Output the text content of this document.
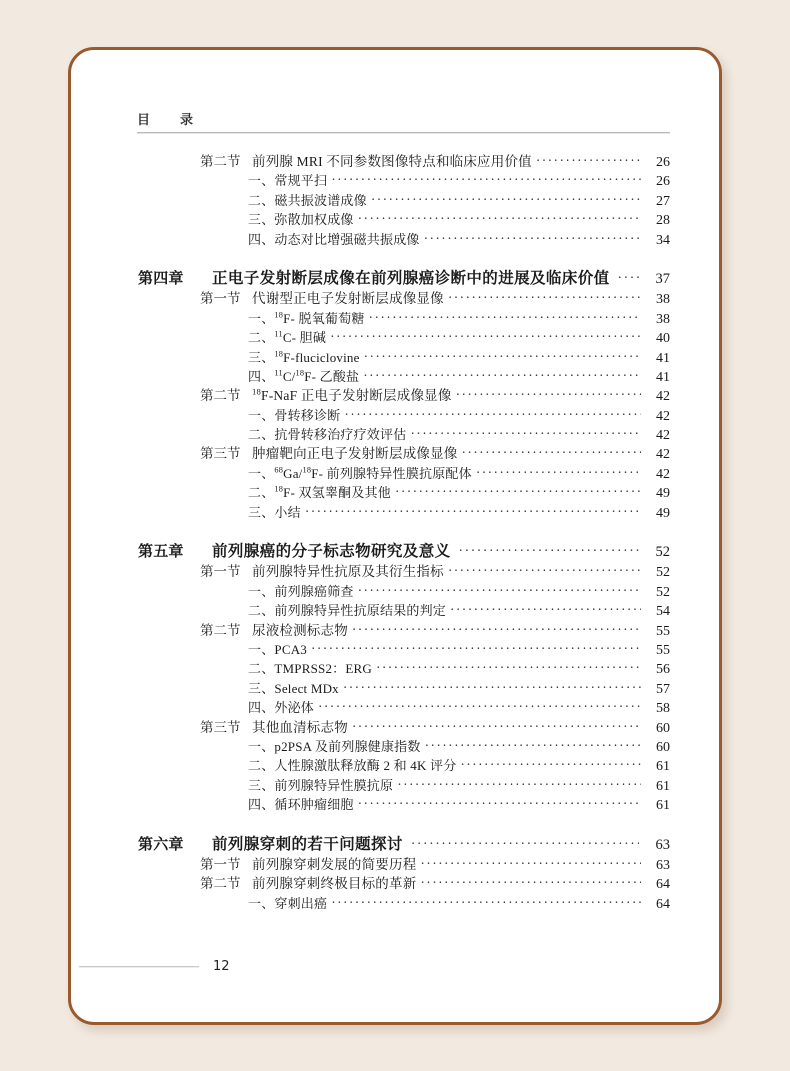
目  录
第二节 前列腺 MRI 不同参数图像特点和临床应用价值 ·····	26
一、常规平扫 ·····	26
二、磁共振波谱成像 ·····	27
三、弥散加权成像 ·····	28
四、动态对比增强磁共振成像 ·····	34
第四章	正电子发射断层成像在前列腺癌诊断中的进展及临床价值 ·····	37
第一节 代谢型正电子发射断层成像显像 ·····	38
一、$^{18}$F- 脱氧葡萄糖 ·····	38
二、$^{11}$C- 胆碱 ·····	40
三、$^{18}$F-fluciclovine ·····	41
四、$^{11}$C/$^{18}$F- 乙酸盐 ·····	41
第二节	$^{18}$F-NaF 正电子发射断层成像显像 ·····	42
一、骨转移诊断 ·····	42
二、抗骨转移治疗疗效评估 ·····	42
第三节 肿瘤靶向正电子发射断层成像显像 ·····	42
一、$^{68}$Ga/$^{18}$F- 前列腺特异性膜抗原配体 ·····	42
二、$^{18}$F- 双氢睾酮及其他 ·····	49
三、小结 ·····	49
第五章	前列腺癌的分子标志物研究及意义 ·····	52
第一节 前列腺特异性抗原及其衍生指标 ·····	52
一、前列腺癌筛查 ·····	52
二、前列腺特异性抗原结果的判定 ·····	54
第二节 尿液检测标志物 ·····	55
一、PCA3 ·····	55
二、TMPRSS2：ERG ·····	56
三、Select MDx ·····	57
四、外泌体 ·····	58
第三节 其他血清标志物 ·····	60
一、p2PSA 及前列腺健康指数 ·····	60
二、人性腺激肽释放酶 2 和 4K 评分 ·····	61
三、前列腺特异性膜抗原 ·····	61
四、循环肿瘤细胞 ·····	61
第六章	前列腺穿刺的若干问题探讨 ·····	63
第一节 前列腺穿刺发展的简要历程 ·····	63
第二节 前列腺穿刺终极目标的革新 ·····	64
一、穿刺出癌 ·····	64
12
